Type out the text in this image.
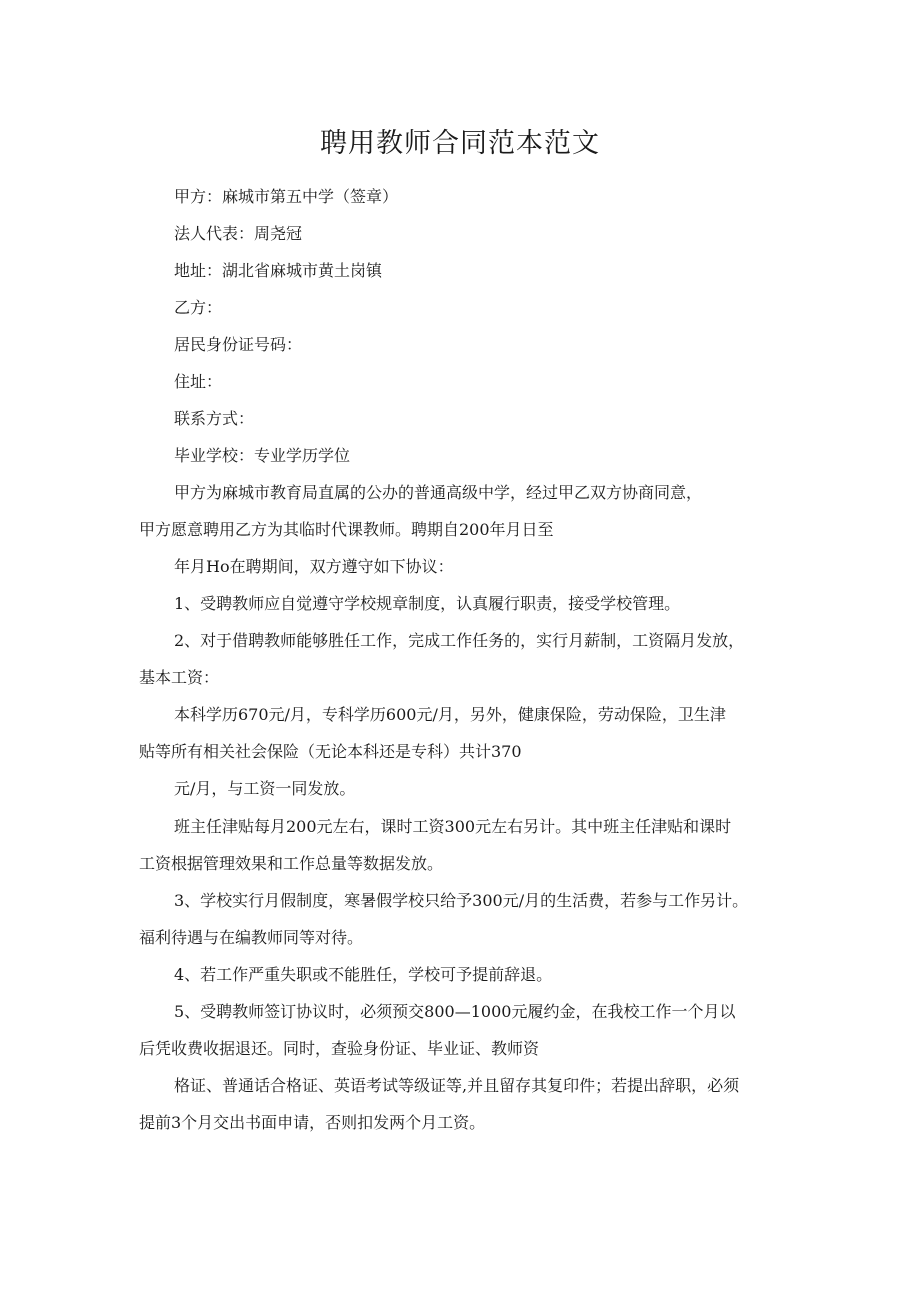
聘用教师合同范本范文
甲方：麻城市第五中学（签章）
法人代表：周尧冠
地址：湖北省麻城市黄土岗镇
乙方：
居民身份证号码：
住址：
联系方式：
毕业学校：专业学历学位
甲方为麻城市教育局直属的公办的普通高级中学，经过甲乙双方协商同意，
甲方愿意聘用乙方为其临时代课教师。聘期自200年月日至
年月Ho在聘期间，双方遵守如下协议：
1、受聘教师应自觉遵守学校规章制度，认真履行职责，接受学校管理。
2、对于借聘教师能够胜任工作，完成工作任务的，实行月薪制，工资隔月发放，
基本工资：
本科学历670元/月，专科学历600元/月，另外，健康保险，劳动保险，卫生津
贴等所有相关社会保险（无论本科还是专科）共计370
元/月，与工资一同发放。
班主任津贴每月200元左右，课时工资300元左右另计。其中班主任津贴和课时
工资根据管理效果和工作总量等数据发放。
3、学校实行月假制度，寒暑假学校只给予300元/月的生活费，若参与工作另计。
福利待遇与在编教师同等对待。
4、若工作严重失职或不能胜任，学校可予提前辞退。
5、受聘教师签订协议时，必须预交800—1000元履约金，在我校工作一个月以
后凭收费收据退还。同时，查验身份证、毕业证、教师资
格证、普通话合格证、英语考试等级证等,并且留存其复印件；若提出辞职，必须
提前3个月交出书面申请，否则扣发两个月工资。
